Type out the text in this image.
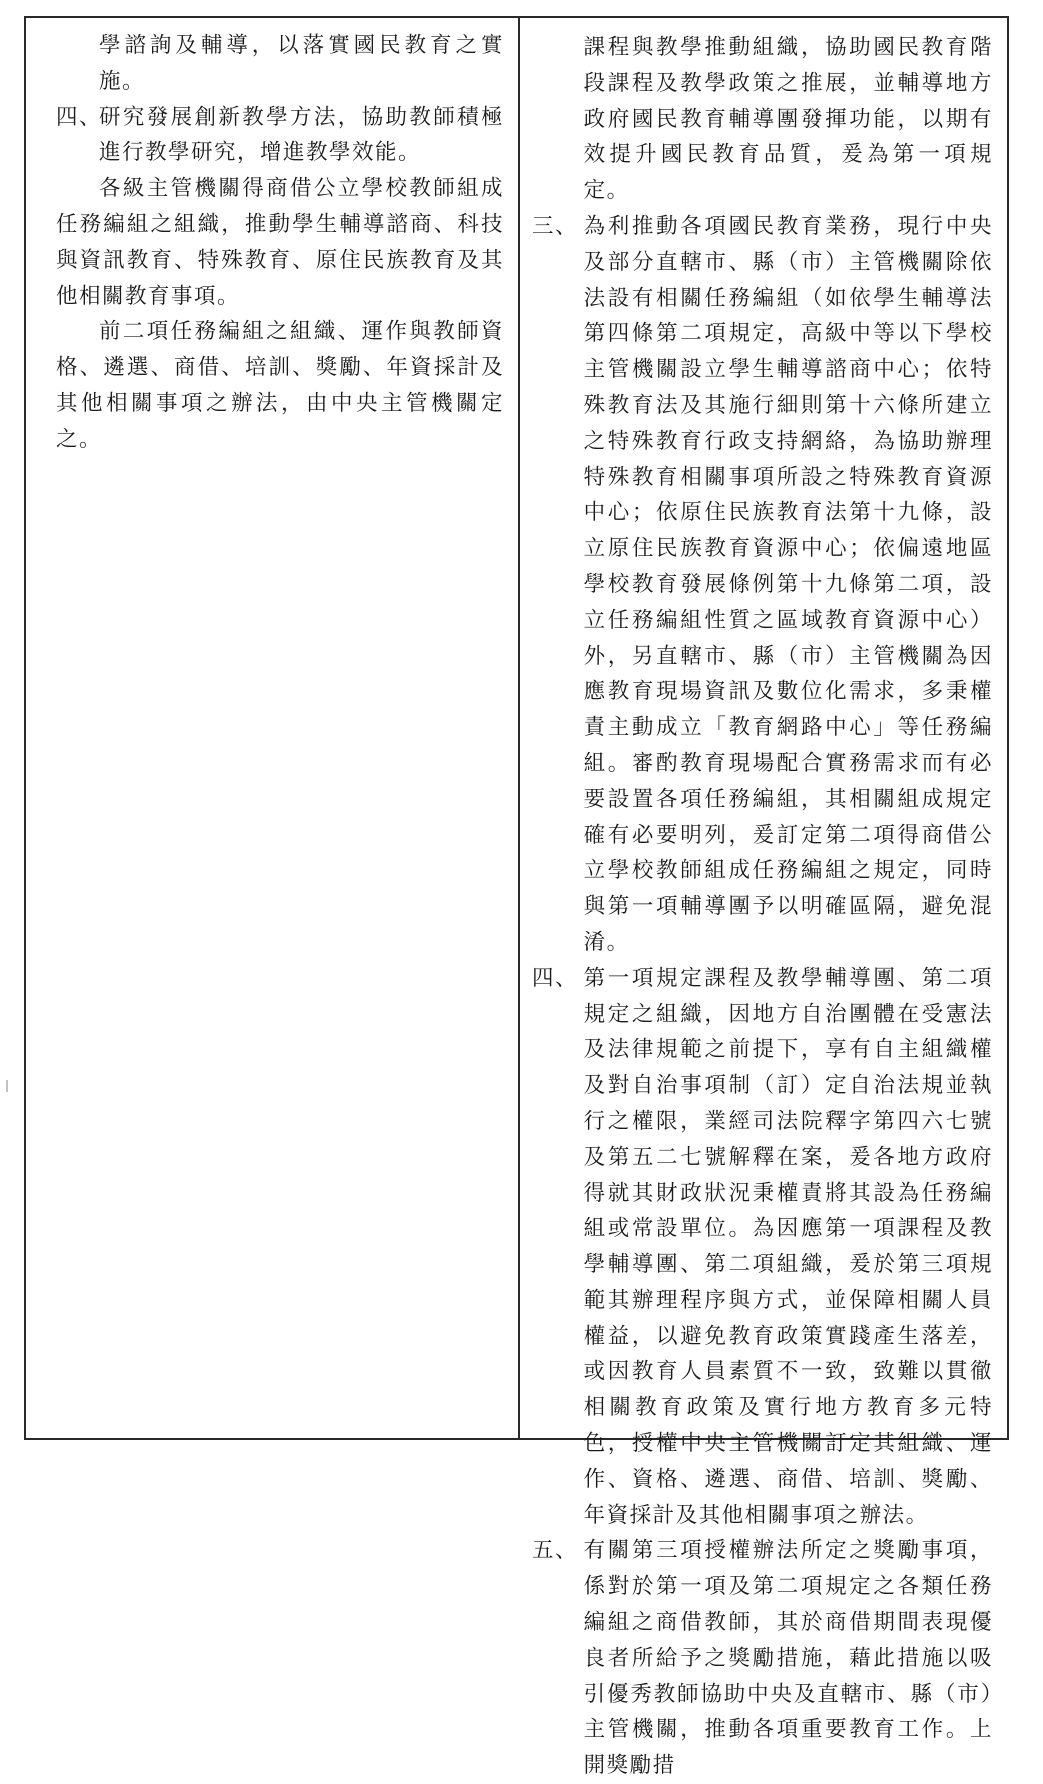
學諮詢及輔導，以落實國民教育之實施。

四、
研究發展創新教學方法，協助教師積極進行教學研究，增進教學效能。

各級主管機關得商借公立學校教師組成任務編組之組織，推動學生輔導諮商、科技與資訊教育、特殊教育、原住民族教育及其他相關教育事項。

前二項任務編組之組織、運作與教師資格、遴選、商借、培訓、獎勵、年資採計及其他相關事項之辦法，由中央主管機關定之。

課程與教學推動組織，協助國民教育階段課程及教學政策之推展，並輔導地方政府國民教育輔導團發揮功能，以期有效提升國民教育品質，爰為第一項規定。

三、 為利推動各項國民教育業務，現行中央及部分直轄市、縣（市）主管機關除依法設有相關任務編組（如依學生輔導法第四條第二項規定，高級中等以下學校主管機關設立學生輔導諮商中心；依特殊教育法及其施行細則第十六條所建立之特殊教育行政支持網絡，為協助辦理特殊教育相關事項所設之特殊教育資源中心；依原住民族教育法第十九條，設立原住民族教育資源中心；依偏遠地區學校教育發展條例第十九條第二項，設立任務編組性質之區域教育資源中心）外，另直轄市、縣（市）主管機關為因應教育現場資訊及數位化需求，多秉權責主動成立「教育網路中心」等任務編組。審酌教育現場配合實務需求而有必要設置各項任務編組，其相關組成規定確有必要明列，爰訂定第二項得商借公立學校教師組成任務編組之規定，同時與第一項輔導團予以明確區隔，避免混淆。
四、 第一項規定課程及教學輔導團、第二項規定之組織，因地方自治團體在受憲法及法律規範之前提下，享有自主組織權及對自治事項制（訂）定自治法規並執行之權限，業經司法院釋字第四六七號及第五二七號解釋在案，爰各地方政府得就其財政狀況秉權責將其設為任務編組或常設單位。為因應第一項課程及教學輔導團、第二項組織，爰於第三項規範其辦理程序與方式，並保障相關人員權益，以避免教育政策實踐產生落差，或因教育人員素質不一致，致難以貫徹相關教育政策及實行地方教育多元特色，授權中央主管機關訂定其組織、運作、資格、遴選、商借、培訓、獎勵、年資採計及其他相關事項之辦法。
五、 有關第三項授權辦法所定之獎勵事項，係對於第一項及第二項規定之各類任務編組之商借教師，其於商借期間表現優良者所給予之獎勵措施，藉此措施以吸引優秀教師協助中央及直轄市、縣（市）主管機關，推動各項重要教育工作。上開獎勵措
